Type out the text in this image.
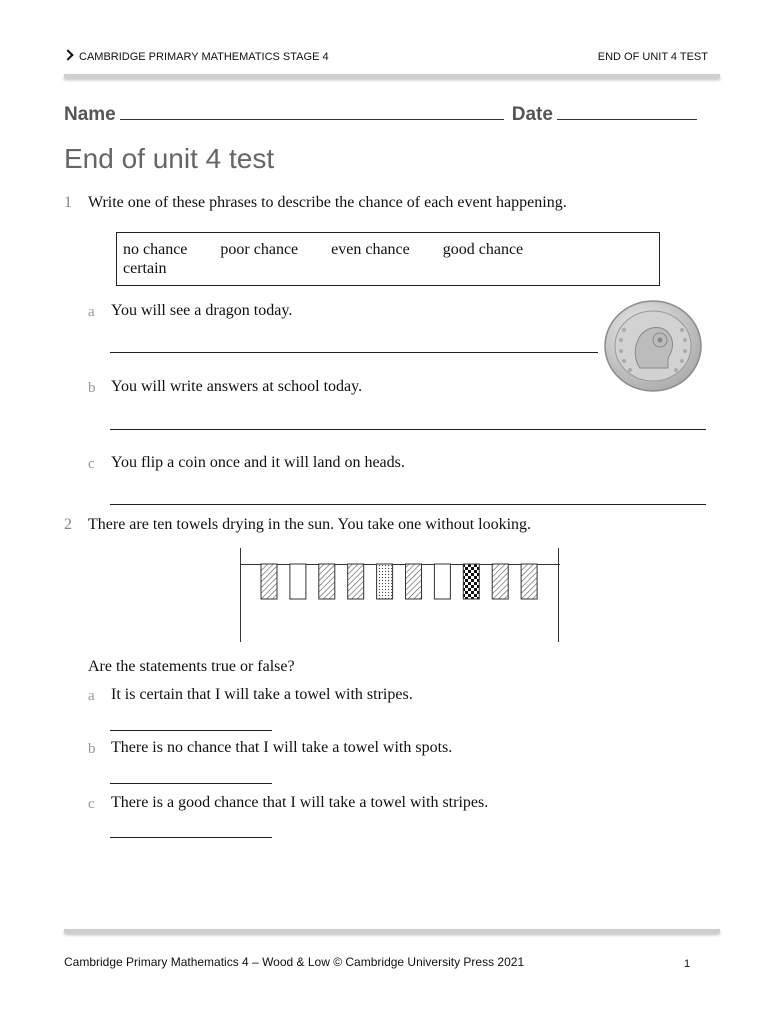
CAMBRIDGE PRIMARY MATHEMATICS STAGE 4	END OF UNIT 4 TEST
Name	Date
End of unit 4 test
1 Write one of these phrases to describe the chance of each event happening.
no chance poor chance even chance good chance
certain
a You will see a dragon today.
b You will write answers at school today.
c You flip a coin once and it will land on heads.
2 There are ten towels drying in the sun. You take one without looking.
Are the statements true or false?
a It is certain that I will take a towel with stripes.
b There is no chance that I will take a towel with spots.
c There is a good chance that I will take a towel with stripes.
Cambridge Primary Mathematics 4 – Wood & Low © Cambridge University Press 2021	1
